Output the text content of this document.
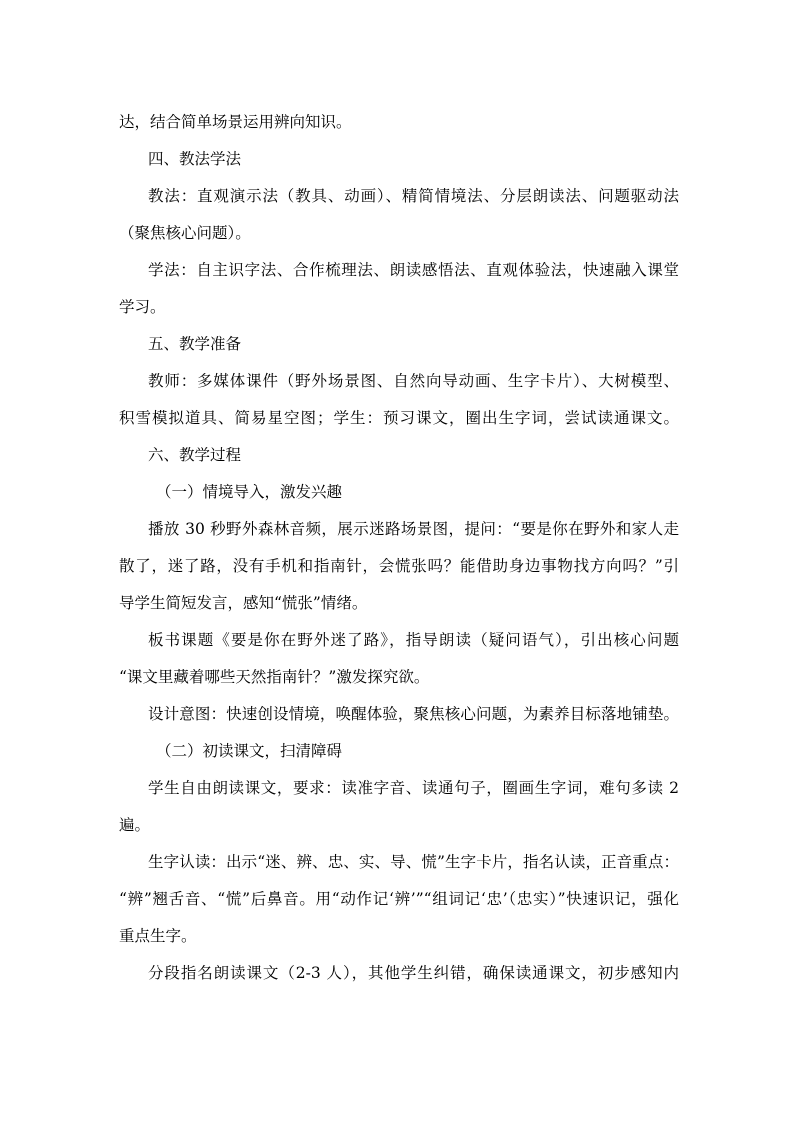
达，结合简单场景运用辨向知识。
四、教法学法
教法：直观演示法（教具、动画）、精简情境法、分层朗读法、问题驱动法
（聚焦核心问题）。
学法：自主识字法、合作梳理法、朗读感悟法、直观体验法，快速融入课堂
学习。
五、教学准备
教师：多媒体课件（野外场景图、自然向导动画、生字卡片）、大树模型、
积雪模拟道具、简易星空图；学生：预习课文，圈出生字词，尝试读通课文。
六、教学过程
（一）情境导入，激发兴趣
播放 30 秒野外森林音频，展示迷路场景图，提问：“要是你在野外和家人走
散了，迷了路，没有手机和指南针，会慌张吗？能借助身边事物找方向吗？”引
导学生简短发言，感知“慌张”情绪。
板书课题《要是你在野外迷了路》，指导朗读（疑问语气），引出核心问题
“课文里藏着哪些天然指南针？”激发探究欲。
设计意图：快速创设情境，唤醒体验，聚焦核心问题，为素养目标落地铺垫。
（二）初读课文，扫清障碍
学生自由朗读课文，要求：读准字音、读通句子，圈画生字词，难句多读 2
遍。
生字认读：出示“迷、辨、忠、实、导、慌”生字卡片，指名认读，正音重点：
“辨”翘舌音、“慌”后鼻音。用“动作记‘辨’”“组词记‘忠’（忠实）”快速识记，强化
重点生字。
分段指名朗读课文（2-3 人），其他学生纠错，确保读通课文，初步感知内
